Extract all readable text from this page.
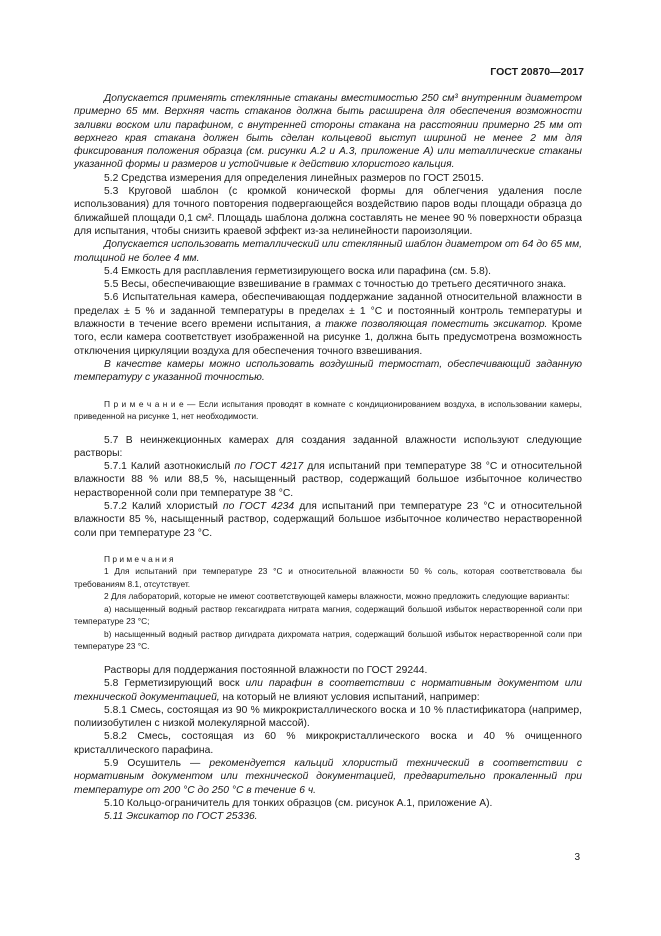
ГОСТ 20870—2017

Допускается применять стеклянные стаканы вместимостью 250 см³ внутренним диаметром примерно 65 мм. Верхняя часть стаканов должна быть расширена для обеспечения возможности заливки воском или парафином, с внутренней стороны стакана на расстоянии примерно 25 мм от верхнего края стакана должен быть сделан кольцевой выступ шириной не менее 2 мм для фиксирования положения образца (см. рисунки А.2 и А.3, приложение А) или металлические стаканы указанной формы и размеров и устойчивые к действию хлористого кальция.

5.2 Средства измерения для определения линейных размеров по ГОСТ 25015.

5.3 Круговой шаблон (с кромкой конической формы для облегчения удаления после использования) для точного повторения подвергающейся воздействию паров воды площади образца до ближайшей площади 0,1 см². Площадь шаблона должна составлять не менее 90 % поверхности образца для испытания, чтобы снизить краевой эффект из-за нелинейности пароизоляции.

Допускается использовать металлический или стеклянный шаблон диаметром от 64 до 65 мм, толщиной не более 4 мм.

5.4 Емкость для расплавления герметизирующего воска или парафина (см. 5.8).

5.5 Весы, обеспечивающие взвешивание в граммах с точностью до третьего десятичного знака.

5.6 Испытательная камера, обеспечивающая поддержание заданной относительной влажности в пределах ± 5 % и заданной температуры в пределах ± 1 °С и постоянный контроль температуры и влажности в течение всего времени испытания, а также позволяющая поместить эксикатор. Кроме того, если камера соответствует изображенной на рисунке 1, должна быть предусмотрена возможность отключения циркуляции воздуха для обеспечения точного взвешивания.

В качестве камеры можно использовать воздушный термостат, обеспечивающий заданную температуру с указанной точностью.

П р и м е ч а н и е — Если испытания проводят в комнате с кондиционированием воздуха, в использовании камеры, приведенной на рисунке 1, нет необходимости.

5.7 В неинжекционных камерах для создания заданной влажности используют следующие растворы:

5.7.1 Калий азотнокислый по ГОСТ 4217 для испытаний при температуре 38 °С и относительной влажности 88 % или 88,5 %, насыщенный раствор, содержащий большое избыточное количество нерастворенной соли при температуре 38 °С.

5.7.2 Калий хлористый по ГОСТ 4234 для испытаний при температуре 23 °С и относительной влажности 85 %, насыщенный раствор, содержащий большое избыточное количество нерастворенной соли при температуре 23 °С.

П р и м е ч а н и я

1 Для испытаний при температуре 23 °С и относительной влажности 50 % соль, которая соответствовала бы требованиям 8.1, отсутствует.

2 Для лабораторий, которые не имеют соответствующей камеры влажности, можно предложить следующие варианты:

а) насыщенный водный раствор гексагидрата нитрата магния, содержащий большой избыток нерастворенной соли при температуре 23 °С;

b) насыщенный водный раствор дигидрата дихромата натрия, содержащий большой избыток нерастворенной соли при температуре 23 °С.

Растворы для поддержания постоянной влажности по ГОСТ 29244.

5.8 Герметизирующий воск или парафин в соответствии с нормативным документом или технической документацией, на который не влияют условия испытаний, например:

5.8.1 Смесь, состоящая из 90 % микрокристаллического воска и 10 % пластификатора (например, полиизобутилен с низкой молекулярной массой).

5.8.2 Смесь, состоящая из 60 % микрокристаллического воска и 40 % очищенного кристаллического парафина.

5.9 Осушитель — рекомендуется кальций хлористый технический в соответствии с нормативным документом или технической документацией, предварительно прокаленный при температуре от 200 °С до 250 °С в течение 6 ч.

5.10 Кольцо-ограничитель для тонких образцов (см. рисунок А.1, приложение А).

5.11 Эксикатор по ГОСТ 25336.

3
